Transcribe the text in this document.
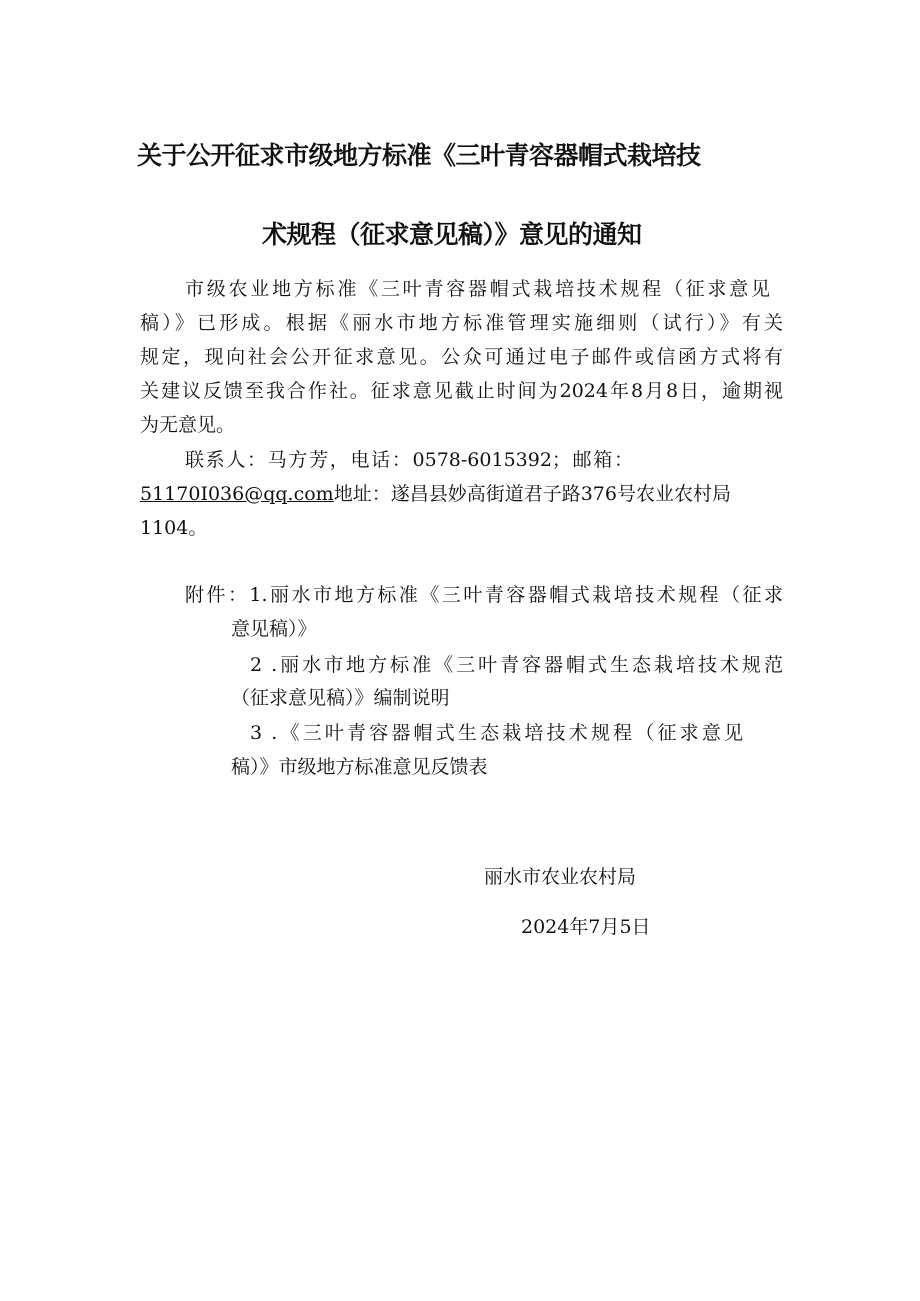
关于公开征求市级地方标准《三叶青容器帽式栽培技
术规程（征求意见稿）》意见的通知
市级农业地方标准《三叶青容器帽式栽培技术规程（征求意见
稿）》已形成。根据《丽水市地方标准管理实施细则（试行）》有关
规定，现向社会公开征求意见。公众可通过电子邮件或信函方式将有
关建议反馈至我合作社。征求意见截止时间为2024年8月8日，逾期视
为无意见。
联系人：马方芳，电话：0578-6015392；邮箱：
51170I036@qq.com地址：遂昌县妙高街道君子路376号农业农村局
1104。
附件：1.丽水市地方标准《三叶青容器帽式栽培技术规程（征求
意见稿）》
2 .丽水市地方标准《三叶青容器帽式生态栽培技术规范
（征求意见稿）》编制说明
3 .《三叶青容器帽式生态栽培技术规程（征求意见
稿）》市级地方标准意见反馈表
丽水市农业农村局
2024年7月5日
